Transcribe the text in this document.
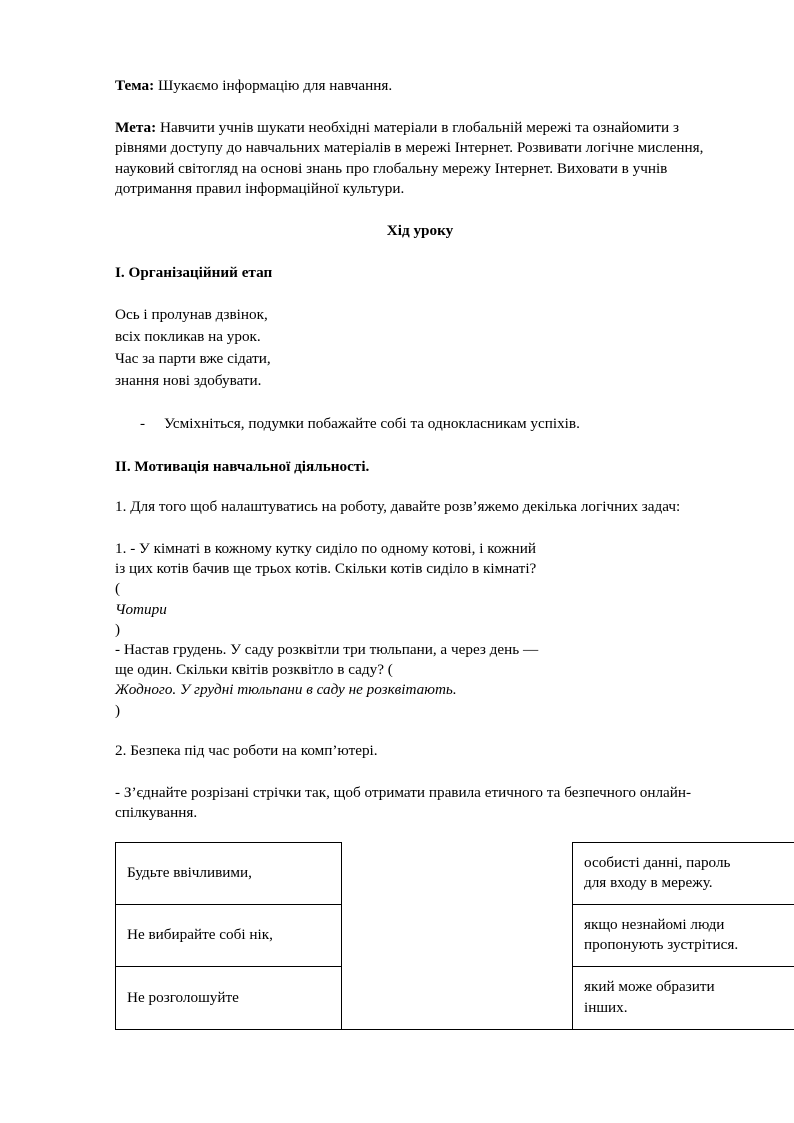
Тема: Шукаємо інформацію для навчання.

Мета: Навчити учнів шукати необхідні матеріали в глобальній мережі та ознайомити з рівнями доступу до навчальних матеріалів в мережі Інтернет. Розвивати логічне мислення, науковий світогляд на основі знань про глобальну мережу Інтернет. Виховати в учнів дотримання правил інформаційної культури.

Хід уроку

I. Організаційний етап

Ось і пролунав дзвінок,
всіх покликав на урок.
Час за парти вже сідати,
знання нові здобувати.
-	Усміхніться, подумки побажайте собі та однокласникам успіхів.

II. Мотивація навчальної діяльності.

1. Для того щоб налаштуватись на роботу, давайте розв’яжемо декілька логічних задач:

1. - У кімнаті в кожному кутку сиділо по одному котові, і кожний
із цих котів бачив ще трьох котів. Скільки котів сиділо в кімнаті?
(
Чотири
)
- Настав грудень. У саду розквітли три тюльпани, а через день —
ще один. Скільки квітів розквітло в саду? (
Жодного. У грудні тюльпани в саду не розквітають.
)

2. Безпека під час роботи на комп’ютері.

- З’єднайте розрізані стрічки так, щоб отримати правила етичного та безпечного онлайн-спілкування.

Будьте ввічливими,		особисті данні, пароль
для входу в мережу.

Не вибирайте собі нік,		якщо незнайомі люди
пропонують зустрітися.

Не розголошуйте		який може образити
інших.
